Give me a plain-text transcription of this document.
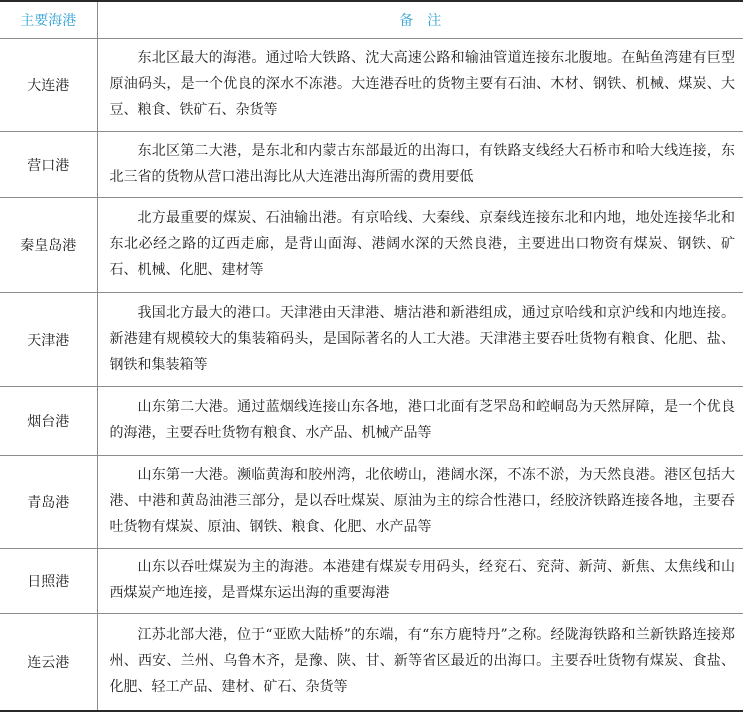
主要海港	备　注
大连港	东北区最大的海港。通过哈大铁路、沈大高速公路和输油管道连接东北腹地。在鲇鱼湾建有巨型原油码头，是一个优良的深水不冻港。大连港吞吐的货物主要有石油、木材、钢铁、机械、煤炭、大豆、粮食、铁矿石、杂货等
营口港	东北区第二大港，是东北和内蒙古东部最近的出海口，有铁路支线经大石桥市和哈大线连接，东北三省的货物从营口港出海比从大连港出海所需的费用要低
秦皇岛港	北方最重要的煤炭、石油输出港。有京哈线、大秦线、京秦线连接东北和内地，地处连接华北和东北必经之路的辽西走廊，是背山面海、港阔水深的天然良港，主要进出口物资有煤炭、钢铁、矿石、机械、化肥、建材等
天津港	我国北方最大的港口。天津港由天津港、塘沽港和新港组成，通过京哈线和京沪线和内地连接。新港建有规模较大的集装箱码头，是国际著名的人工大港。天津港主要吞吐货物有粮食、化肥、盐、钢铁和集装箱等
烟台港	山东第二大港。通过蓝烟线连接山东各地，港口北面有芝罘岛和崆峒岛为天然屏障，是一个优良的海港，主要吞吐货物有粮食、水产品、机械产品等
青岛港	山东第一大港。濒临黄海和胶州湾，北依崂山，港阔水深，不冻不淤，为天然良港。港区包括大港、中港和黄岛油港三部分，是以吞吐煤炭、原油为主的综合性港口，经胶济铁路连接各地，主要吞吐货物有煤炭、原油、钢铁、粮食、化肥、水产品等
日照港	山东以吞吐煤炭为主的海港。本港建有煤炭专用码头，经兖石、兖菏、新菏、新焦、太焦线和山西煤炭产地连接，是晋煤东运出海的重要海港
连云港	江苏北部大港，位于“亚欧大陆桥”的东端，有“东方鹿特丹”之称。经陇海铁路和兰新铁路连接郑州、西安、兰州、乌鲁木齐，是豫、陕、甘、新等省区最近的出海口。主要吞吐货物有煤炭、食盐、化肥、轻工产品、建材、矿石、杂货等
